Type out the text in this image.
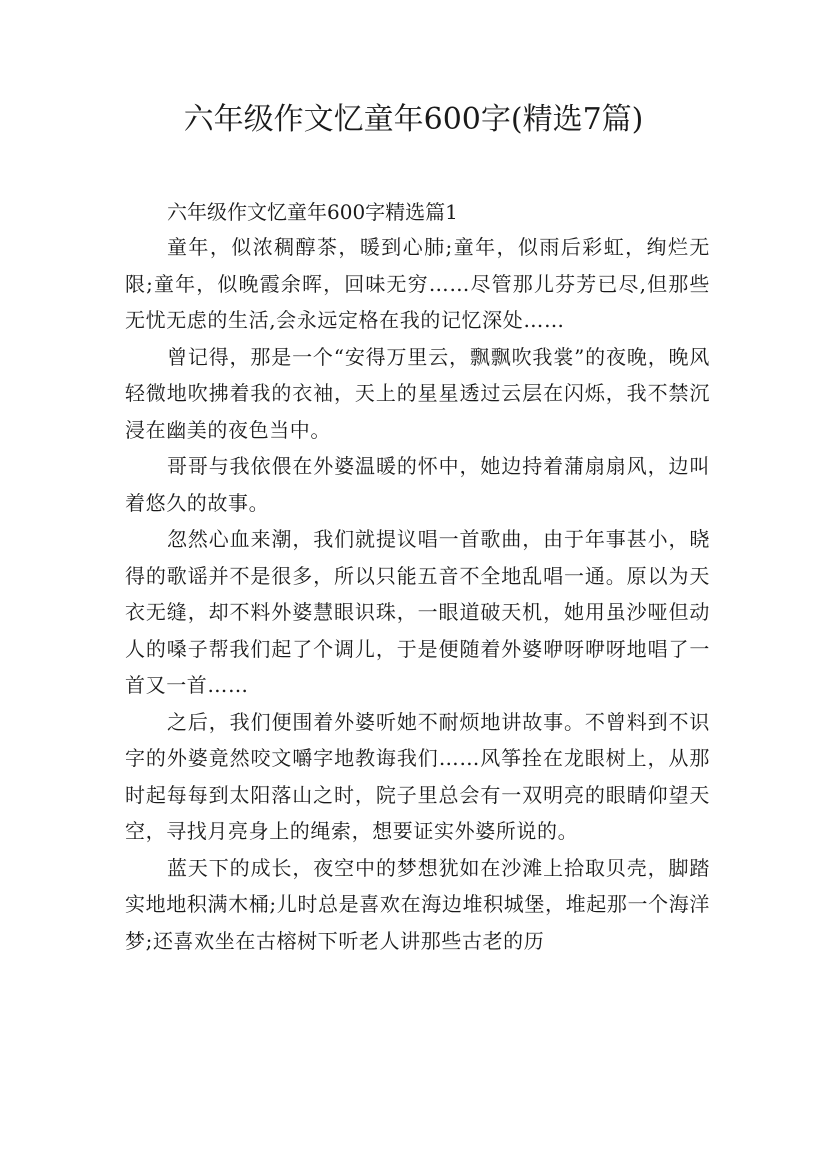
六年级作文忆童年600字(精选7篇)

六年级作文忆童年600字精选篇1

童年，似浓稠醇茶，暖到心肺;童年，似雨后彩虹，绚烂无限;童年，似晚霞余晖，回味无穷……尽管那儿芬芳已尽,但那些无忧无虑的生活,会永远定格在我的记忆深处……

曾记得，那是一个“安得万里云，飘飘吹我裳”的夜晚，晚风轻微地吹拂着我的衣袖，天上的星星透过云层在闪烁，我不禁沉浸在幽美的夜色当中。

哥哥与我依偎在外婆温暖的怀中，她边持着蒲扇扇风，边叫着悠久的故事。

忽然心血来潮，我们就提议唱一首歌曲，由于年事甚小，晓得的歌谣并不是很多，所以只能五音不全地乱唱一通。原以为天衣无缝，却不料外婆慧眼识珠，一眼道破天机，她用虽沙哑但动人的嗓子帮我们起了个调儿，于是便随着外婆咿呀咿呀地唱了一首又一首……

之后，我们便围着外婆听她不耐烦地讲故事。不曾料到不识字的外婆竟然咬文嚼字地教诲我们……风筝拴在龙眼树上，从那时起每每到太阳落山之时，院子里总会有一双明亮的眼睛仰望天空，寻找月亮身上的绳索，想要证实外婆所说的。

蓝天下的成长，夜空中的梦想犹如在沙滩上拾取贝壳，脚踏实地地积满木桶;儿时总是喜欢在海边堆积城堡，堆起那一个海洋梦;还喜欢坐在古榕树下听老人讲那些古老的历
